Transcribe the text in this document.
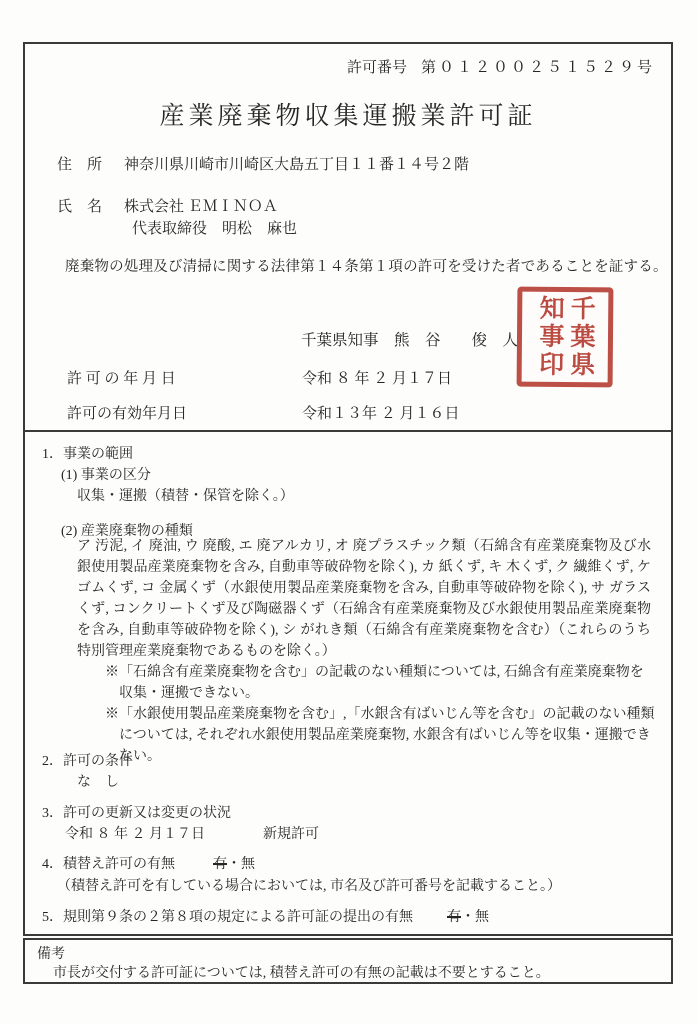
許可番号 第０１２００２５１５２９号
産業廃棄物収集運搬業許可証
住　所 神奈川県川崎市川崎区大島五丁目１１番１４号２階
氏　名 株式会社 ＥＭＩＮＯＡ
代表取締役　明松　麻也
廃棄物の処理及び清掃に関する法律第１４条第１項の許可を受けた者であることを証する。
千葉県知事　熊　谷　　俊　人 千葉県
知事印
許 可 の 年 月 日	令和 ８ 年 ２ 月１７日
許可の有効年月日	令和１３年 ２ 月１６日
1．事業の範囲
(1) 事業の区分
収集・運搬（積替・保管を除く。）
(2) 産業廃棄物の種類
ア 汚泥, イ 廃油, ウ 廃酸, エ 廃アルカリ, オ 廃プラスチック類（石綿含有産業廃棄物及び水銀使用製品産業廃棄物を含み, 自動車等破砕物を除く), カ 紙くず, キ 木くず, ク 繊維くず, ケ ゴムくず, コ 金属くず（水銀使用製品産業廃棄物を含み, 自動車等破砕物を除く), サ ガラスくず, コンクリートくず及び陶磁器くず（石綿含有産業廃棄物及び水銀使用製品産業廃棄物を含み, 自動車等破砕物を除く), シ がれき類（石綿含有産業廃棄物を含む）（これらのうち特別管理産業廃棄物であるものを除く。）
※「石綿含有産業廃棄物を含む」の記載のない種類については, 石綿含有産業廃棄物を収集・運搬できない。
※「水銀使用製品産業廃棄物を含む」,「水銀含有ばいじん等を含む」の記載のない種類については, それぞれ水銀使用製品産業廃棄物, 水銀含有ばいじん等を収集・運搬できない。
2．許可の条件
な　し
3．許可の更新又は変更の状況
令和 ８ 年 ２ 月１７日	新規許可
4．積替え許可の有無	有・無
（積替え許可を有している場合においては, 市名及び許可番号を記載すること。）
5．規則第９条の２第８項の規定による許可証の提出の有無 有・無
備考
市長が交付する許可証については, 積替え許可の有無の記載は不要とすること。
